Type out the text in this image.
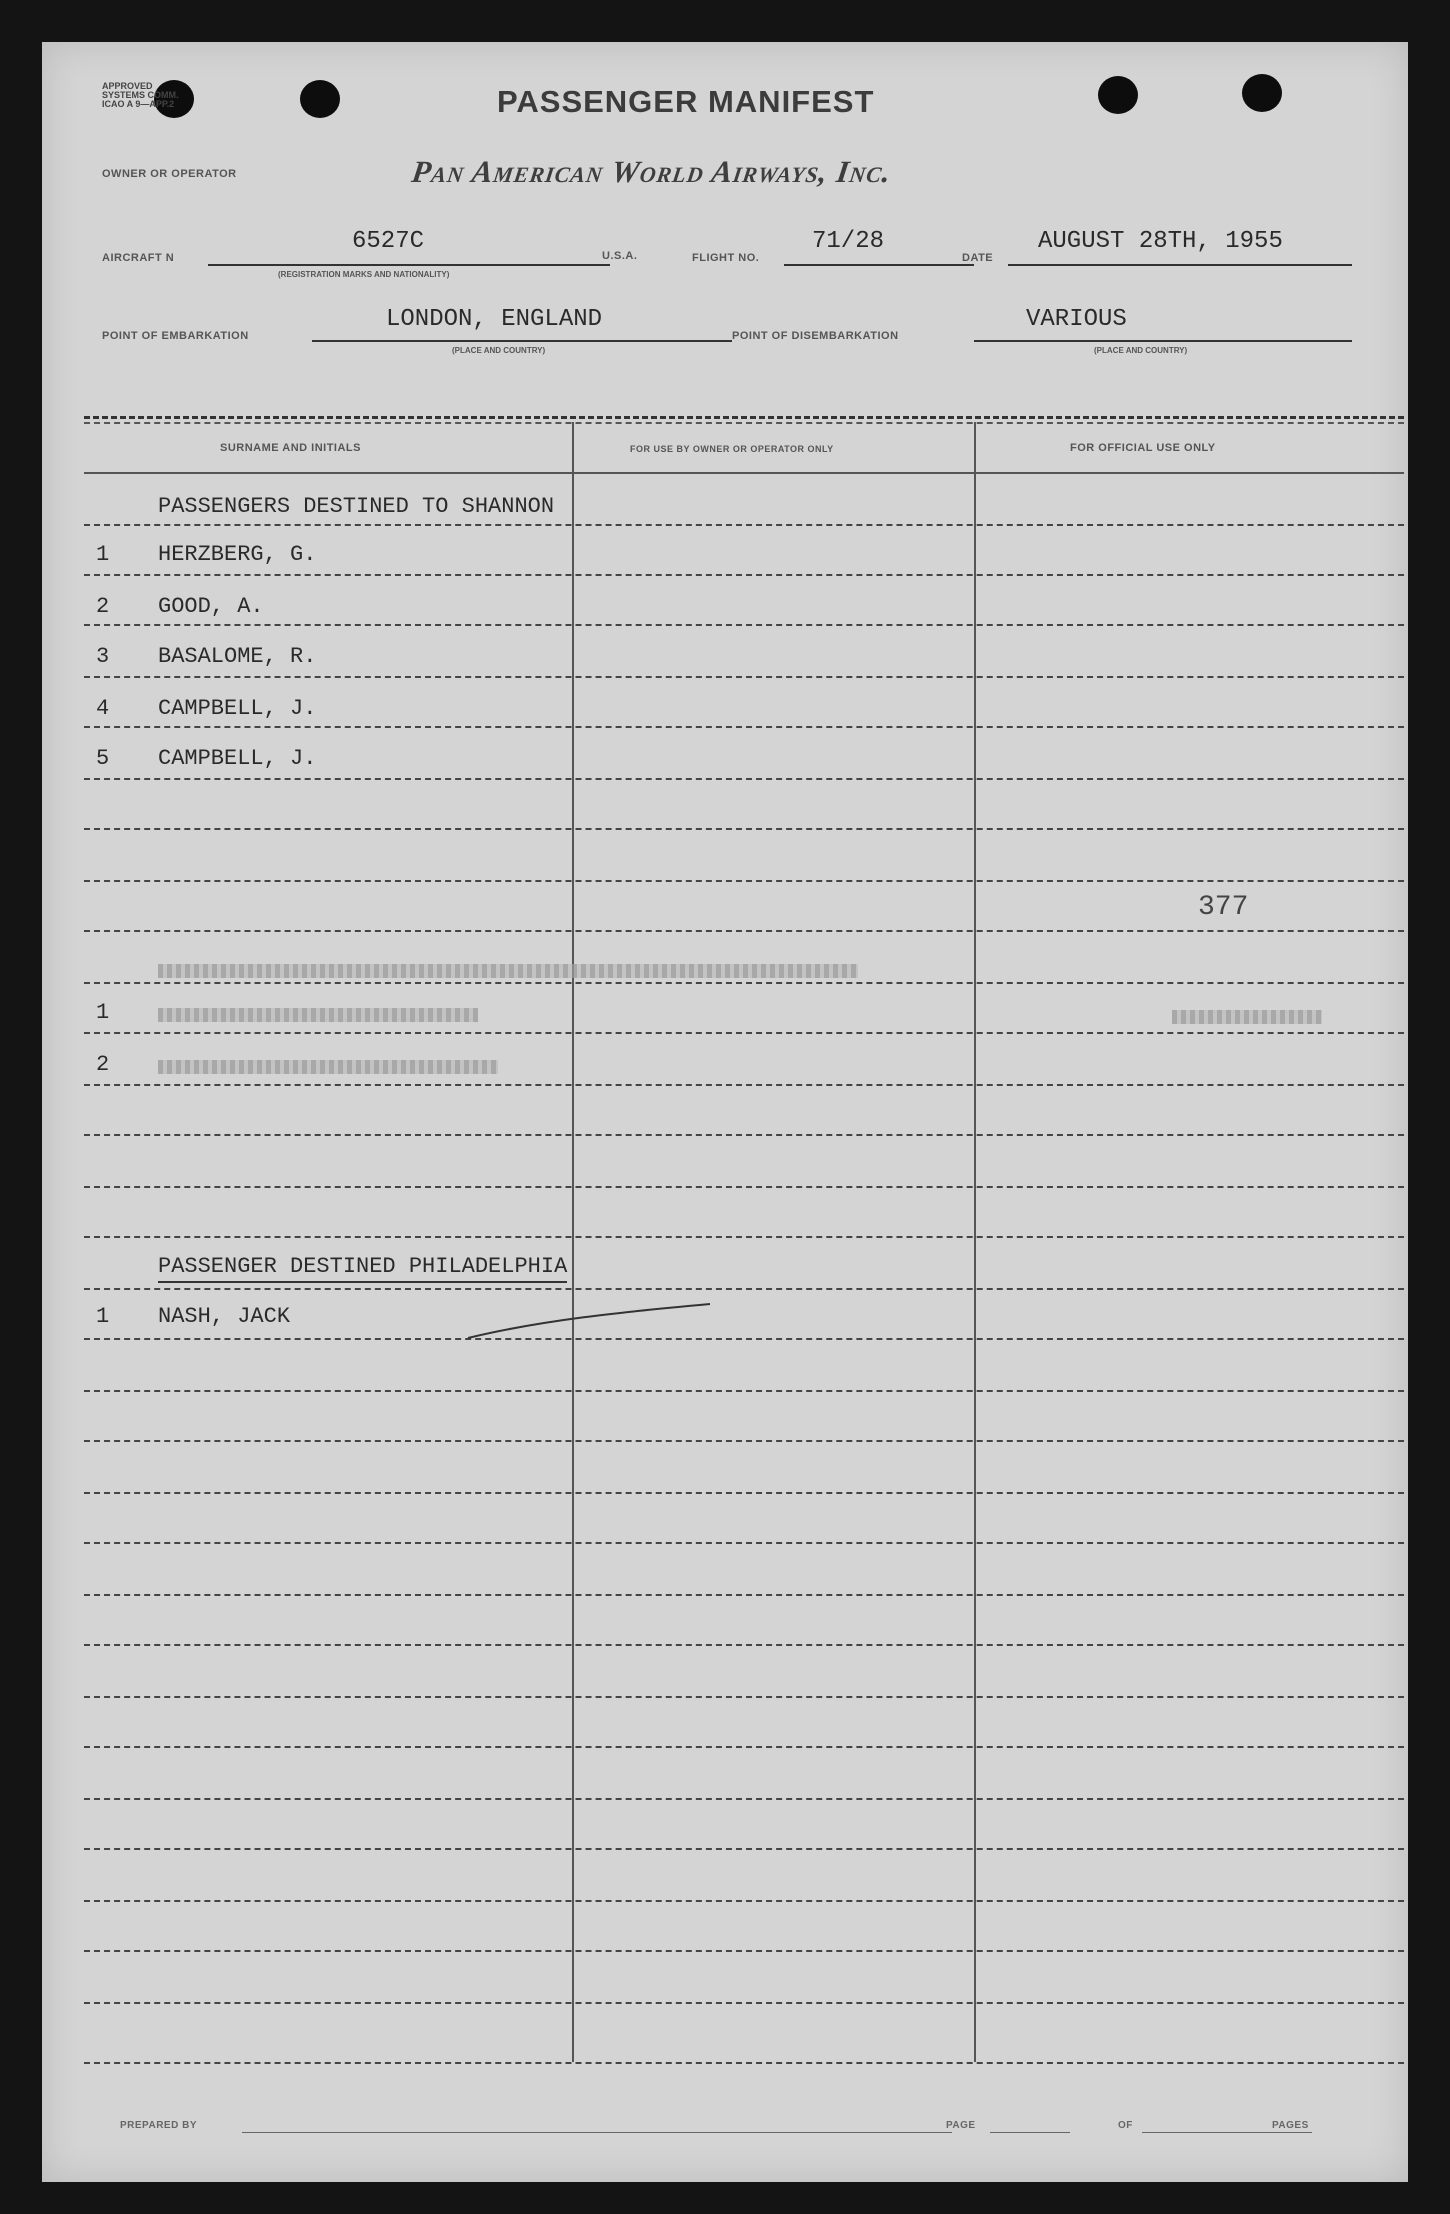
APPROVED
SYSTEMS COMM.
ICAO A 9—APP.2	PASSENGER MANIFEST
OWNER OR OPERATOR	Pan American World Airways, Inc.
AIRCRAFT N
6527C
(REGISTRATION MARKS AND NATIONALITY)
U.S.A.	FLIGHT NO.
71/28
DATE
AUGUST 28TH, 1955
POINT OF EMBARKATION
LONDON, ENGLAND
(PLACE AND COUNTRY)
POINT OF DISEMBARKATION
VARIOUS
(PLACE AND COUNTRY)
SURNAME AND INITIALS	FOR USE BY OWNER OR OPERATOR ONLY	FOR OFFICIAL USE ONLY
PASSENGERS DESTINED TO SHANNON
1 HERZBERG, G.
2 GOOD, A.
3 BASALOME, R.
4 CAMPBELL, J.
5 CAMPBELL, J.
377
1
2
PASSENGER DESTINED PHILADELPHIA
1 NASH, JACK
PREPARED BY	PAGE	OF	PAGES
